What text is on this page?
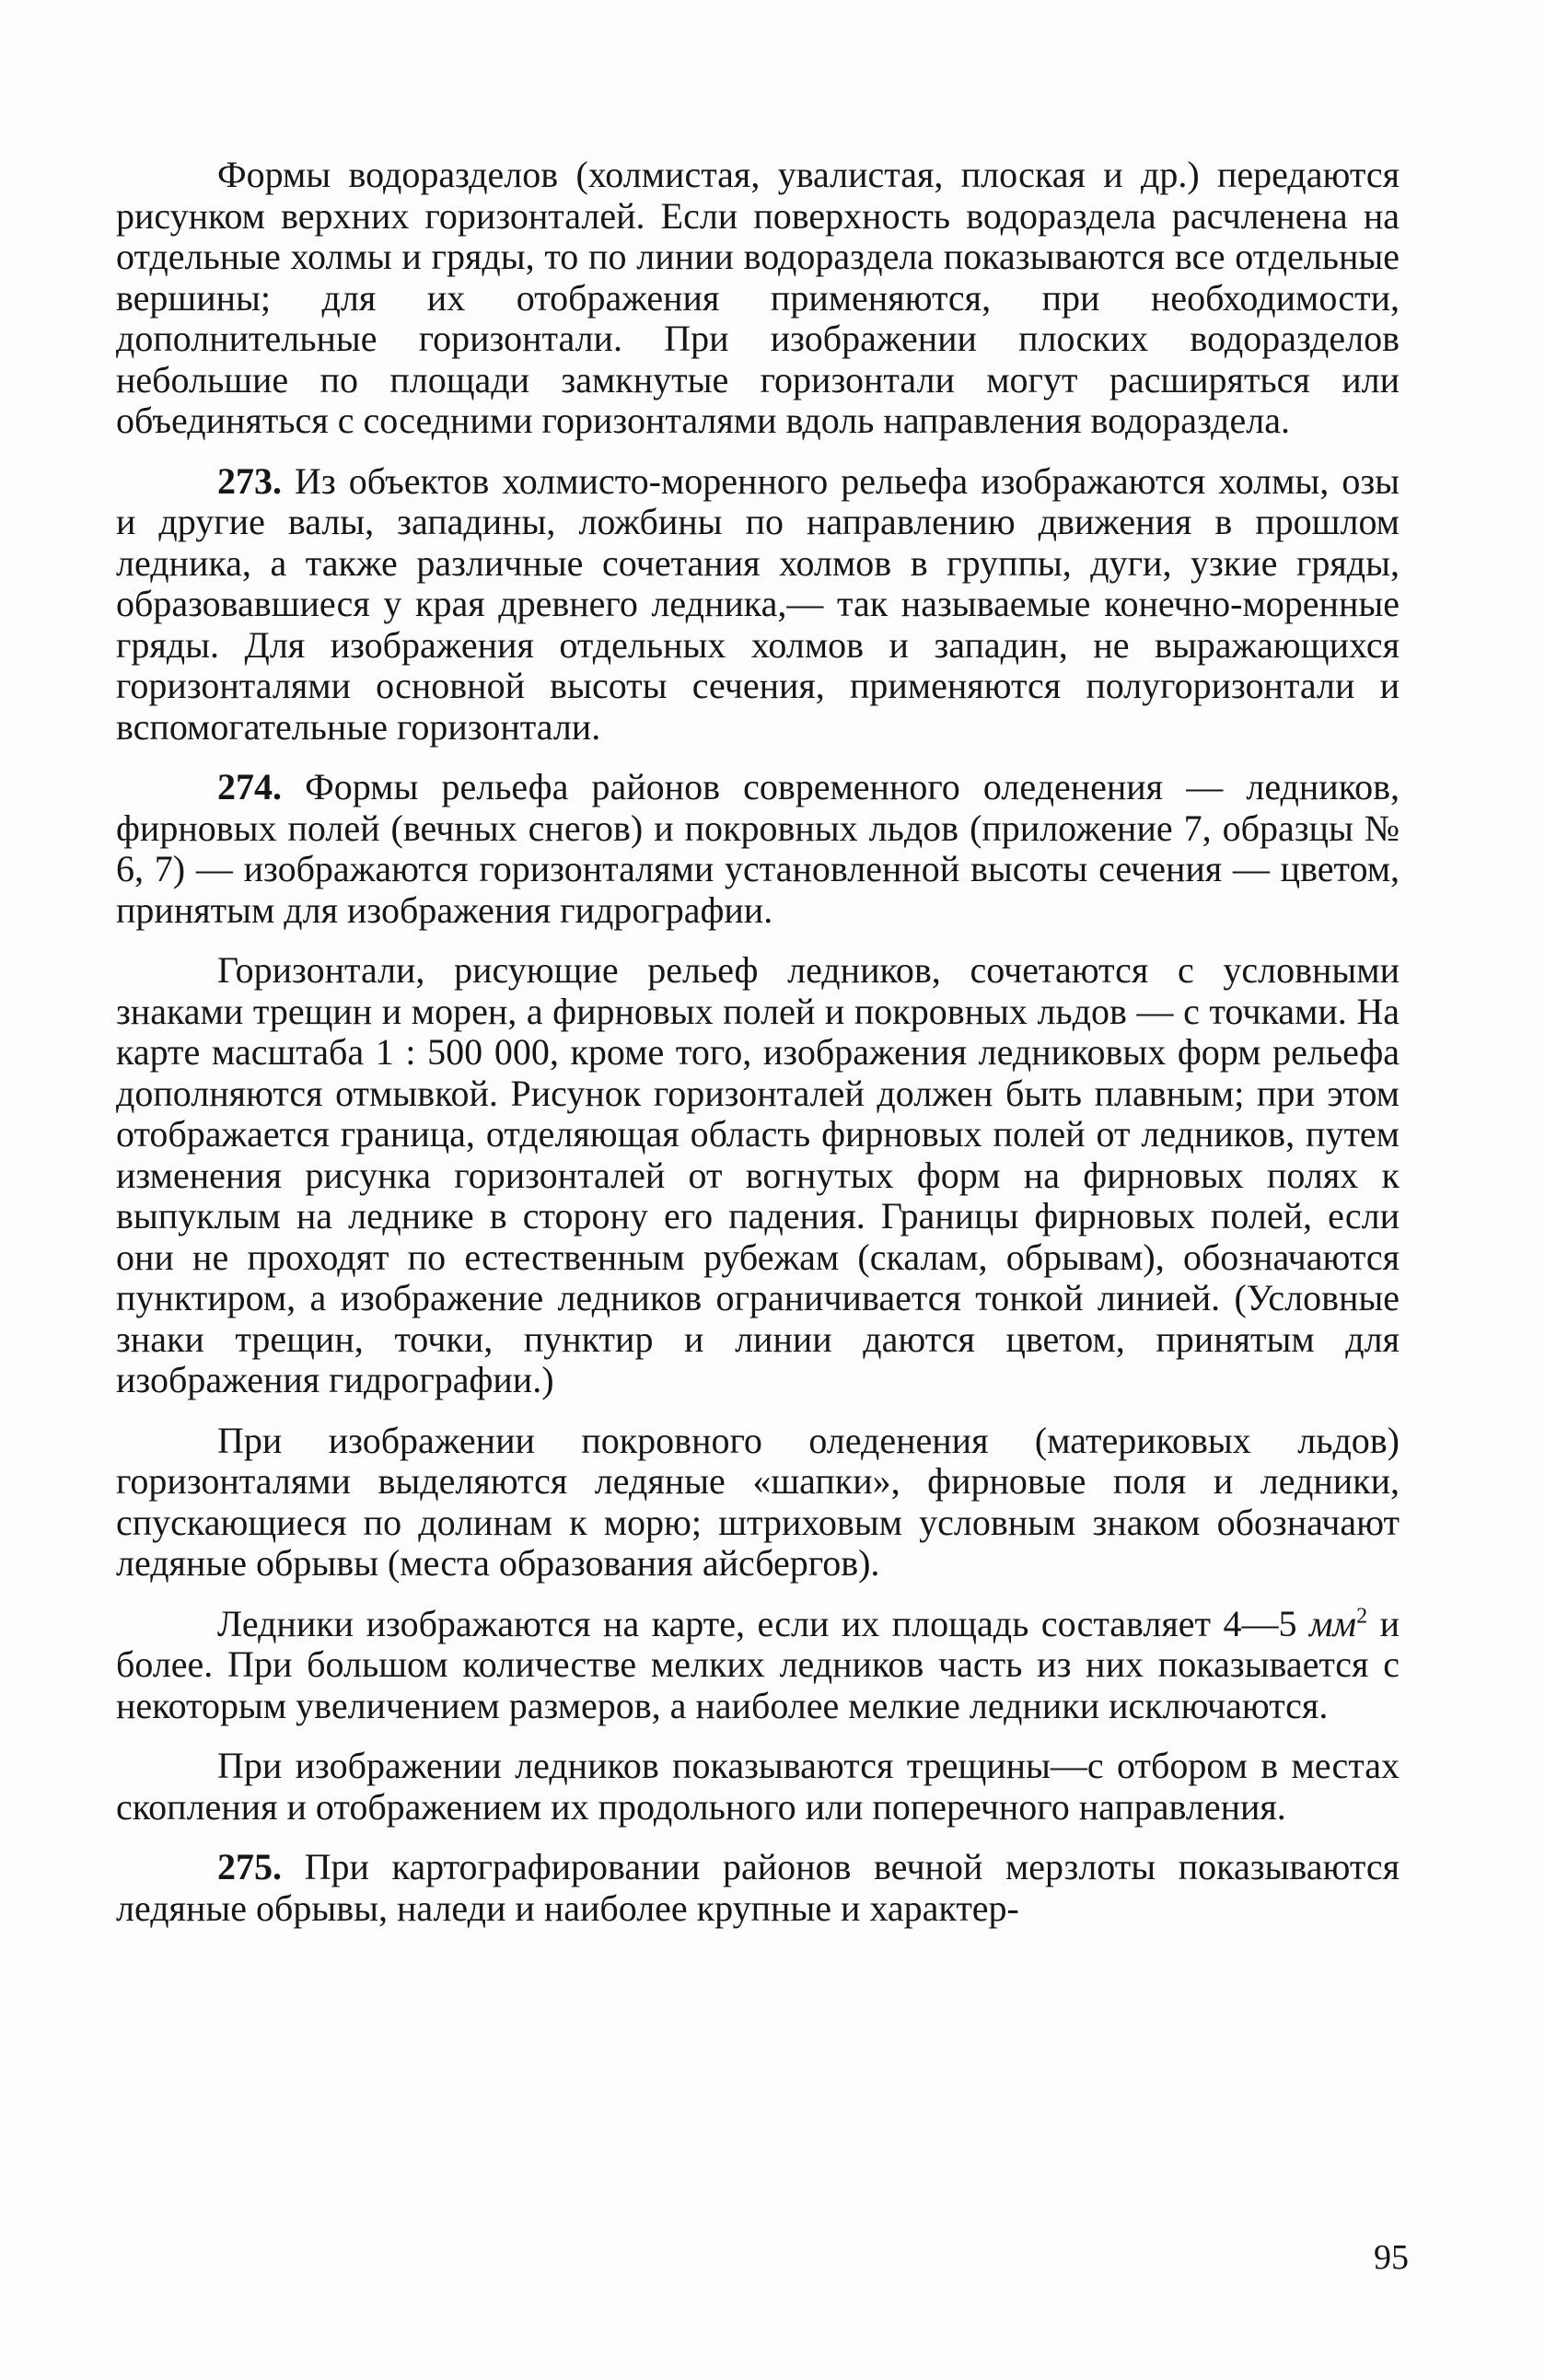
Формы водоразделов (холмистая, увалистая, плоская и др.) передаются рисунком верхних горизонталей. Если поверхность водораздела расчленена на отдельные холмы и гряды, то по линии водораздела показываются все отдельные вершины; для их отображения применяются, при необходимости, дополнительные горизонтали. При изображении плоских водоразделов небольшие по площади замкнутые горизонтали могут расширяться или объединяться с соседними горизонталями вдоль направления водораздела.

273. Из объектов холмисто-моренного рельефа изображаются холмы, озы и другие валы, западины, ложбины по направлению движения в прошлом ледника, а также различные сочетания холмов в группы, дуги, узкие гряды, образовавшиеся у края древнего ледника,— так называемые конечно-моренные гряды. Для изображения отдельных холмов и западин, не выражающихся горизонталями основной высоты сечения, применяются полугоризонтали и вспомогательные горизонтали.

274. Формы рельефа районов современного оледенения — ледников, фирновых полей (вечных снегов) и покровных льдов (приложение 7, образцы № 6, 7) — изображаются горизонталями установленной высоты сечения — цветом, принятым для изображения гидрографии.

Горизонтали, рисующие рельеф ледников, сочетаются с условными знаками трещин и морен, а фирновых полей и покровных льдов — с точками. На карте масштаба 1 : 500 000, кроме того, изображения ледниковых форм рельефа дополняются отмывкой. Рисунок горизонталей должен быть плавным; при этом отображается граница, отделяющая область фирновых полей от ледников, путем изменения рисунка горизонталей от вогнутых форм на фирновых полях к выпуклым на леднике в сторону его падения. Границы фирновых полей, если они не проходят по естественным рубежам (скалам, обрывам), обозначаются пунктиром, а изображение ледников ограничивается тонкой линией. (Условные знаки трещин, точки, пунктир и линии даются цветом, принятым для изображения гидрографии.)

При изображении покровного оледенения (материковых льдов) горизонталями выделяются ледяные «шапки», фирновые поля и ледники, спускающиеся по долинам к морю; штриховым условным знаком обозначают ледяные обрывы (места образования айсбергов).

Ледники изображаются на карте, если их площадь составляет 4—5 $мм^2$ и более. При большом количестве мелких ледников часть из них показывается с некоторым увеличением размеров, а наиболее мелкие ледники исключаются.

При изображении ледников показываются трещины—с отбором в местах скопления и отображением их продольного или поперечного направления.

275. При картографировании районов вечной мерзлоты показываются ледяные обрывы, наледи и наиболее крупные и характер-

95
